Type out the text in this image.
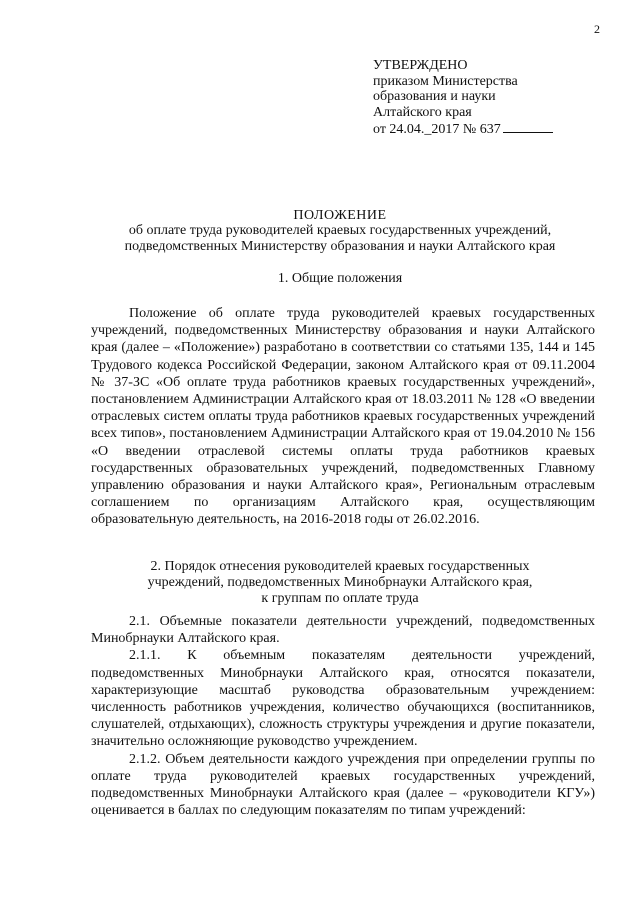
2
УТВЕРЖДЕНО
приказом Министерства
образования и науки
Алтайского края
от 24.04._2017 № 637
ПОЛОЖЕНИЕ
об оплате труда руководителей краевых государственных учреждений,
подведомственных Министерству образования и науки Алтайского края
1. Общие положения

Положение об оплате труда руководителей краевых государственных учреждений, подведомственных Министерству образования и науки Алтайского края (далее – «Положение») разработано в соответствии со статьями 135, 144 и 145 Трудового кодекса Российской Федерации, законом Алтайского края от 09.11.2004 № 37-ЗС «Об оплате труда работников краевых государственных учреждений», постановлением Администрации Алтайского края от 18.03.2011 № 128 «О введении отраслевых систем оплаты труда работников краевых государственных учреждений всех типов», постановлением Администрации Алтайского края от 19.04.2010 № 156 «О введении отраслевой системы оплаты труда работников краевых государственных образовательных учреждений, подведомственных Главному управлению образования и науки Алтайского края», Региональным отраслевым соглашением по организациям Алтайского края, осуществляющим образовательную деятельность, на 2016-2018 годы от 26.02.2016.

2. Порядок отнесения руководителей краевых государственных
учреждений, подведомственных Минобрнауки Алтайского края,
к группам по оплате труда

2.1. Объемные показатели деятельности учреждений, подведомственных Минобрнауки Алтайского края.

2.1.1. К объемным показателям деятельности учреждений, подведомственных Минобрнауки Алтайского края, относятся показатели, характеризующие масштаб руководства образовательным учреждением: численность работников учреждения, количество обучающихся (воспитанников, слушателей, отдыхающих), сложность структуры учреждения и другие показатели, значительно осложняющие руководство учреждением.

2.1.2. Объем деятельности каждого учреждения при определении группы по оплате труда руководителей краевых государственных учреждений, подведомственных Минобрнауки Алтайского края (далее – «руководители КГУ») оценивается в баллах по следующим показателям по типам учреждений:
